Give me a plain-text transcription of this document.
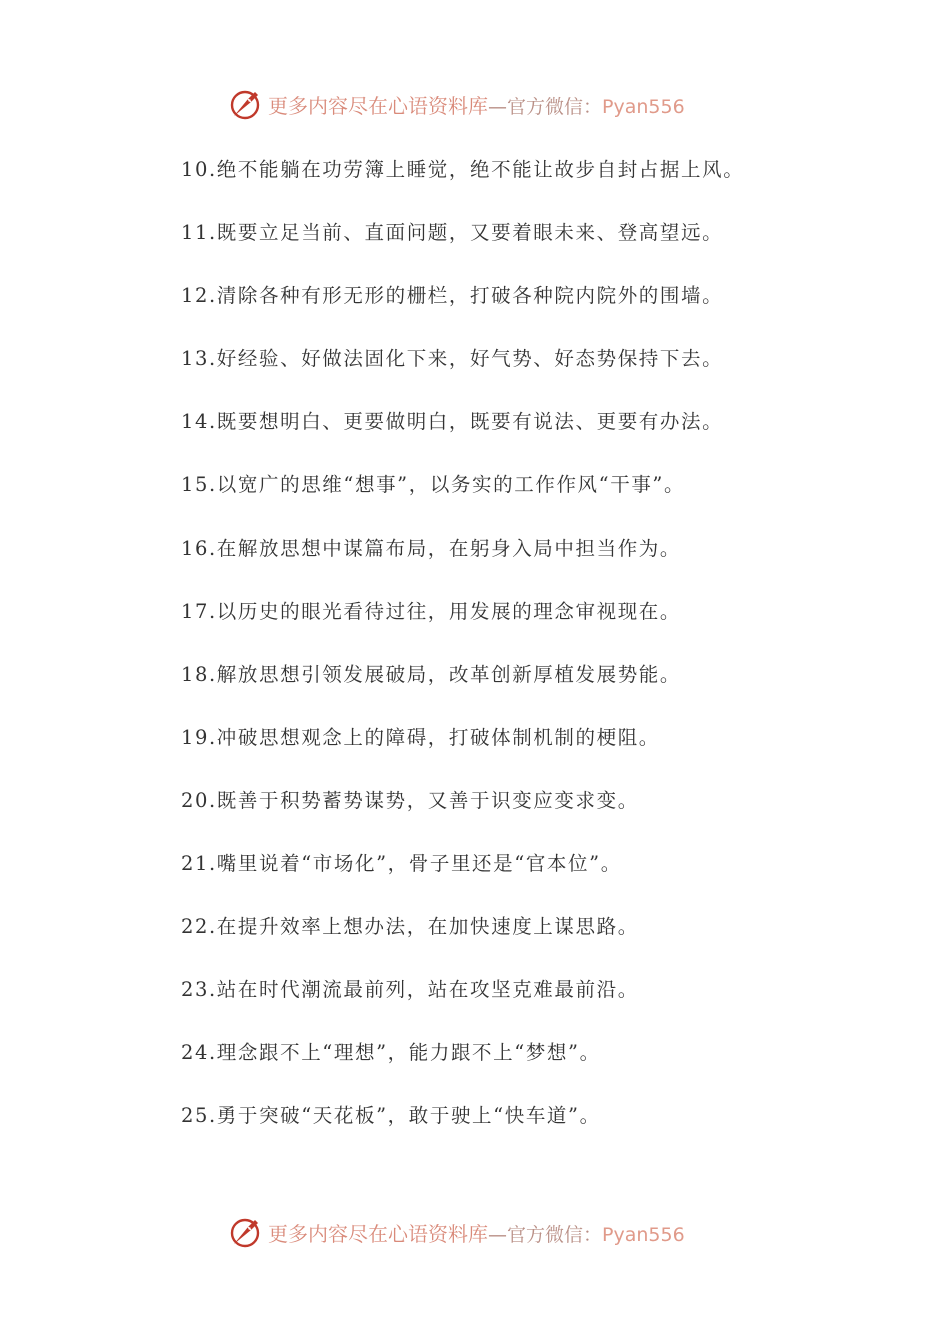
更多内容尽在心语资料库—官方微信：Pyan556
10.绝不能躺在功劳簿上睡觉，绝不能让故步自封占据上风。
11.既要立足当前、直面问题，又要着眼未来、登高望远。
12.清除各种有形无形的栅栏，打破各种院内院外的围墙。
13.好经验、好做法固化下来，好气势、好态势保持下去。
14.既要想明白、更要做明白，既要有说法、更要有办法。
15.以宽广的思维“想事”，以务实的工作作风“干事”。
16.在解放思想中谋篇布局，在躬身入局中担当作为。
17.以历史的眼光看待过往，用发展的理念审视现在。
18.解放思想引领发展破局，改革创新厚植发展势能。
19.冲破思想观念上的障碍，打破体制机制的梗阻。
20.既善于积势蓄势谋势，又善于识变应变求变。
21.嘴里说着“市场化”，骨子里还是“官本位”。
22.在提升效率上想办法，在加快速度上谋思路。
23.站在时代潮流最前列，站在攻坚克难最前沿。
24.理念跟不上“理想”，能力跟不上“梦想”。
25.勇于突破“天花板”，敢于驶上“快车道”。
更多内容尽在心语资料库—官方微信：Pyan556
